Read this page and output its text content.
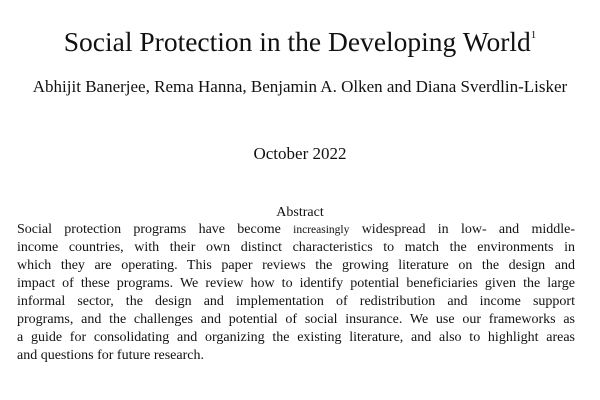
Social Protection in the Developing World$^1$
Abhijit Banerjee, Rema Hanna, Benjamin A. Olken and Diana Sverdlin-Lisker
October 2022
Abstract
Social protection programs have become increasingly widespread in low- and middle-
income countries, with their own distinct characteristics to match the environments in
which they are operating. This paper reviews the growing literature on the design and
impact of these programs. We review how to identify potential beneficiaries given the large
informal sector, the design and implementation of redistribution and income support
programs, and the challenges and potential of social insurance. We use our frameworks as
a guide for consolidating and organizing the existing literature, and also to highlight areas
and questions for future research.
